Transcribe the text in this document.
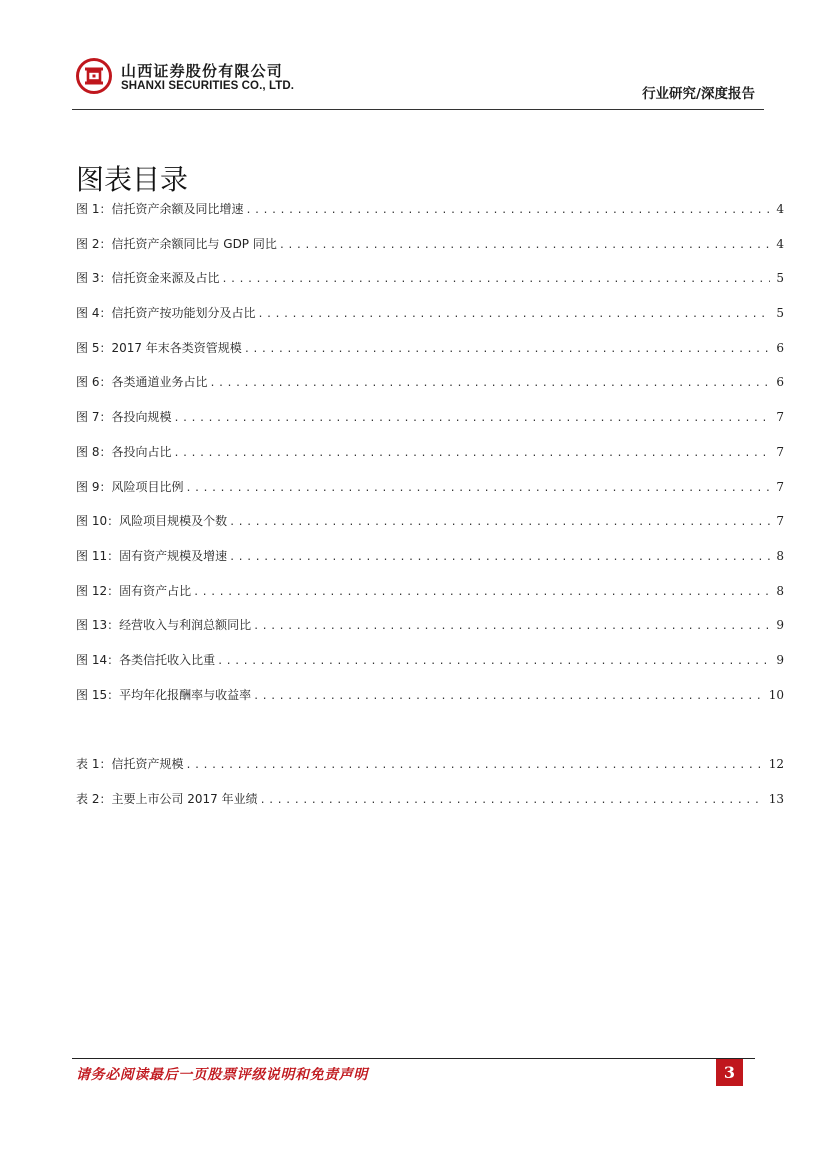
山西证券股份有限公司
SHANXI SECURITIES CO., LTD.	行业研究/深度报告
图表目录
图 1：信托资产余额及同比增速 .....	4
图 2：信托资产余额同比与 GDP 同比 .....	4
图 3：信托资金来源及占比 .....	5
图 4：信托资产按功能划分及占比 .....	5
图 5：2017 年末各类资管规模 .....	6
图 6：各类通道业务占比 .....	6
图 7：各投向规模 .....	7
图 8：各投向占比 .....	7
图 9：风险项目比例 .....	7
图 10：风险项目规模及个数 .....	7
图 11：固有资产规模及增速 .....	8
图 12：固有资产占比 .....	8
图 13：经营收入与利润总额同比 .....	9
图 14：各类信托收入比重 .....	9
图 15：平均年化报酬率与收益率 .....	10
表 1：信托资产规模 .....	12
表 2：主要上市公司 2017 年业绩 .....	13
请务必阅读最后一页股票评级说明和免责声明	3
